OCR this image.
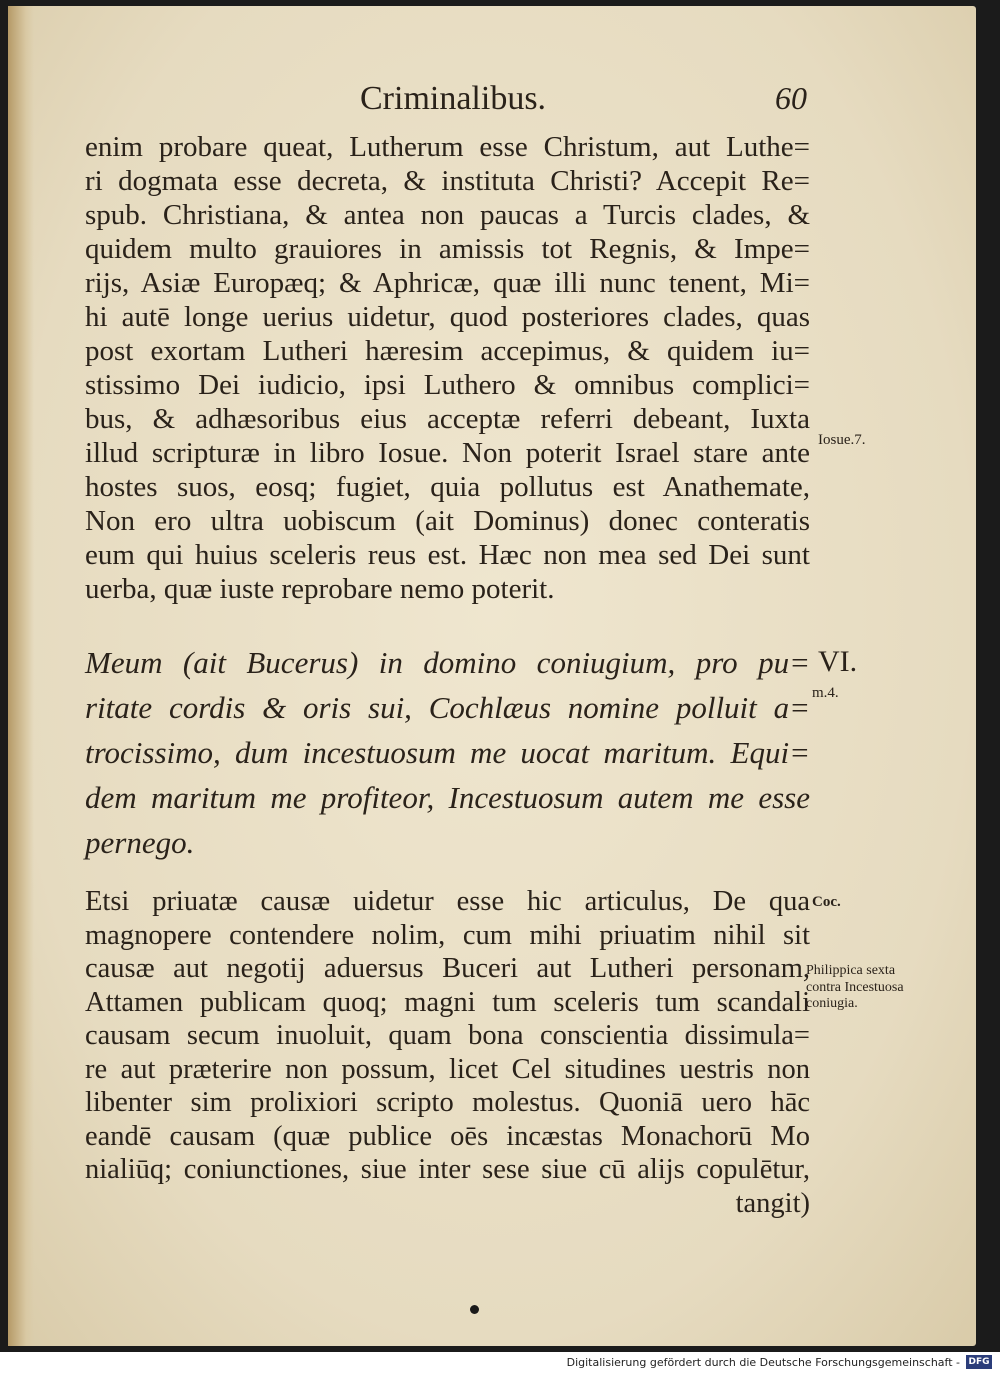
Criminalibus.	60
enim probare queat, Lutherum esse Christum, aut Luthe=
ri dogmata esse decreta, & instituta Christi? Accepit Re=
spub. Christiana, & antea non paucas a Turcis clades, &
quidem multo grauiores in amissis tot Regnis, & Impe=
rijs, Asiæ Europæq; & Aphricæ, quæ illi nunc tenent, Mi=
hi autē longe uerius uidetur, quod posteriores clades, quas
post exortam Lutheri hæresim accepimus, & quidem iu=
stissimo Dei iudicio, ipsi Luthero & omnibus complici=
bus, & adhæsoribus eius acceptæ referri debeant, Iuxta
illud scripturæ in libro Iosue. Non poterit Israel stare ante
hostes suos, eosq; fugiet, quia pollutus est Anathemate,
Non ero ultra uobiscum (ait Dominus) donec conteratis
eum qui huius sceleris reus est. Hæc non mea sed Dei sunt
uerba, quæ iuste reprobare nemo poterit.
Meum (ait Bucerus) in domino coniugium, pro pu=
ritate cordis & oris sui, Cochlæus nomine polluit a=
trocissimo, dum incestuosum me uocat maritum. Equi=
dem maritum me profiteor, Incestuosum autem me esse
pernego.
Etsi priuatæ causæ uidetur esse hic articulus, De qua
magnopere contendere nolim, cum mihi priuatim nihil sit
causæ aut negotij aduersus Buceri aut Lutheri personam,
Attamen publicam quoq; magni tum sceleris tum scandali
causam secum inuoluit, quam bona conscientia dissimula=
re aut præterire non possum, licet Cel situdines uestris non
libenter sim prolixiori scripto molestus. Quoniā uero hāc
eandē causam (quæ publice oēs incæstas Monachorū Mo
nialiūq; coniunctiones, siue inter sese siue cū alijs copulētur,
tangit)
Iosue.7.
VI.
m.4.
Coc.
Philippica sexta
contra Incestuosa
coniugia.
Digitalisierung gefördert durch die Deutsche Forschungsgemeinschaft - DFG
